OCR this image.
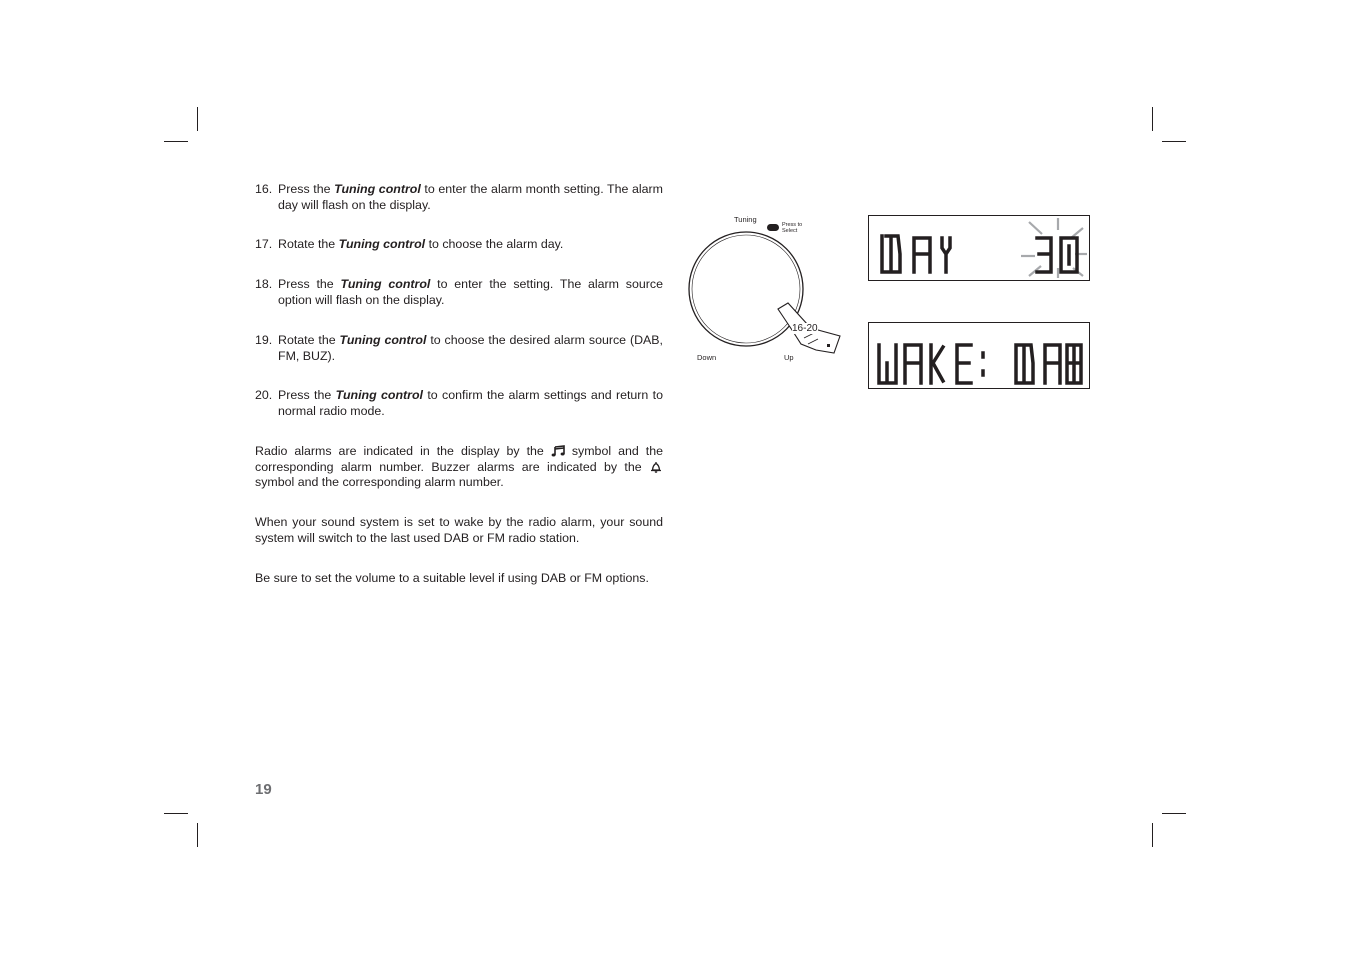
16. Press the Tuning control to enter the alarm month setting. The alarm day will flash on the display.
17. Rotate the Tuning control to choose the alarm day.
18. Press the Tuning control to enter the setting. The alarm source option will flash on the display.
19. Rotate the Tuning control to choose the desired alarm source (DAB, FM, BUZ).
20. Press the Tuning control to confirm the alarm settings and return to normal radio mode.
Radio alarms are indicated in the display by the  symbol and the corresponding alarm number. Buzzer alarms are indicated by the  symbol and the corresponding alarm number.
When your sound system is set to wake by the radio alarm, your sound system will switch to the last used DAB or FM radio station.
Be sure to set the volume to a suitable level if using DAB or FM options.
19
Tuning
Press to
Select
Down	Up
16-20
